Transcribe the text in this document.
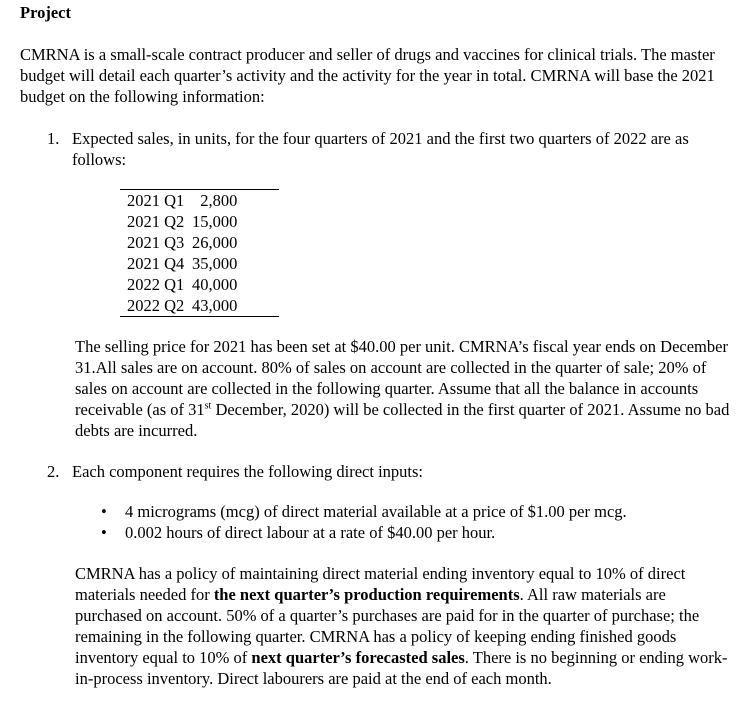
Project

CMRNA is a small-scale contract producer and seller of drugs and vaccines for clinical trials. The master budget will detail each quarter’s activity and the activity for the year in total. CMRNA will base the 2021 budget on the following information:

1. Expected sales, in units, for the four quarters of 2021 and the first two quarters of 2022 are as follows:

2021 Q1	2,800
2021 Q2	15,000
2021 Q3	26,000
2021 Q4	35,000
2022 Q1	40,000
2022 Q2	43,000

The selling price for 2021 has been set at $40.00 per unit. CMRNA’s fiscal year ends on December 31.All sales are on account. 80% of sales on account are collected in the quarter of sale; 20% of sales on account are collected in the following quarter. Assume that all the balance in accounts receivable (as of 31st December, 2020) will be collected in the first quarter of 2021. Assume no bad debts are incurred.

2. Each component requires the following direct inputs:

•	4 micrograms (mcg) of direct material available at a price of $1.00 per mcg.
•	0.002 hours of direct labour at a rate of $40.00 per hour.

CMRNA has a policy of maintaining direct material ending inventory equal to 10% of direct materials needed for the next quarter’s production requirements. All raw materials are purchased on account. 50% of a quarter’s purchases are paid for in the quarter of purchase; the remaining in the following quarter. CMRNA has a policy of keeping ending finished goods inventory equal to 10% of next quarter’s forecasted sales. There is no beginning or ending work-in-process inventory. Direct labourers are paid at the end of each month.
